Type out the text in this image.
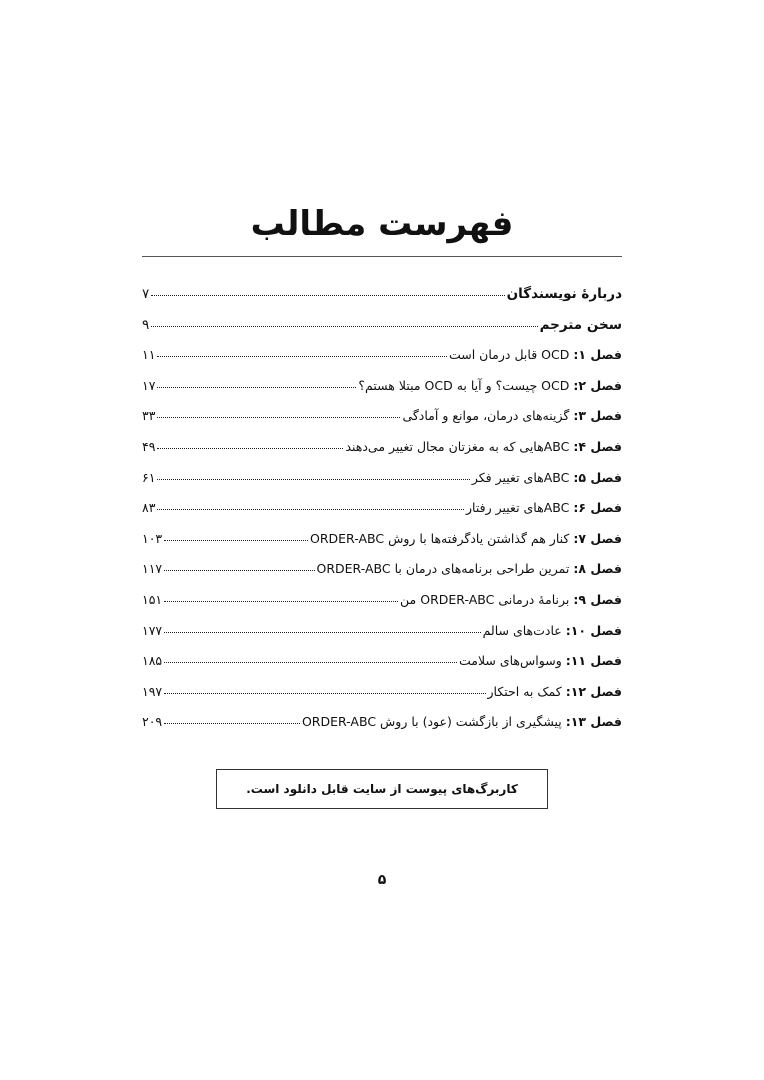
فهرست مطالب
دربارهٔ نویسندگان
۷
سخن مترجم
۹
فصل ۱: OCD قابل درمان است
۱۱
فصل ۲: OCD چیست؟ و آیا به OCD مبتلا هستم؟
۱۷
فصل ۳: گزینه‌های درمان، موانع و آمادگی
۳۳
فصل ۴: ABCهایی که به مغزتان مجال تغییر می‌دهند
۴۹
فصل ۵: ABCهای تغییر فکر
۶۱
فصل ۶: ABCهای تغییر رفتار
۸۳
فصل ۷: کنار هم گذاشتن یادگرفته‌ها با روش ORDER-ABC
۱۰۳
فصل ۸: تمرین طراحی برنامه‌های درمان با ORDER-ABC
۱۱۷
فصل ۹: برنامهٔ درمانی ORDER-ABC من
۱۵۱
فصل ۱۰: عادت‌های سالم
۱۷۷
فصل ۱۱: وسواس‌های سلامت
۱۸۵
فصل ۱۲: کمک به احتکار
۱۹۷
فصل ۱۳: پیشگیری از بازگشت (عود) با روش ORDER-ABC
۲۰۹
کاربرگ‌های پیوست از سایت قابل دانلود است.
۵
